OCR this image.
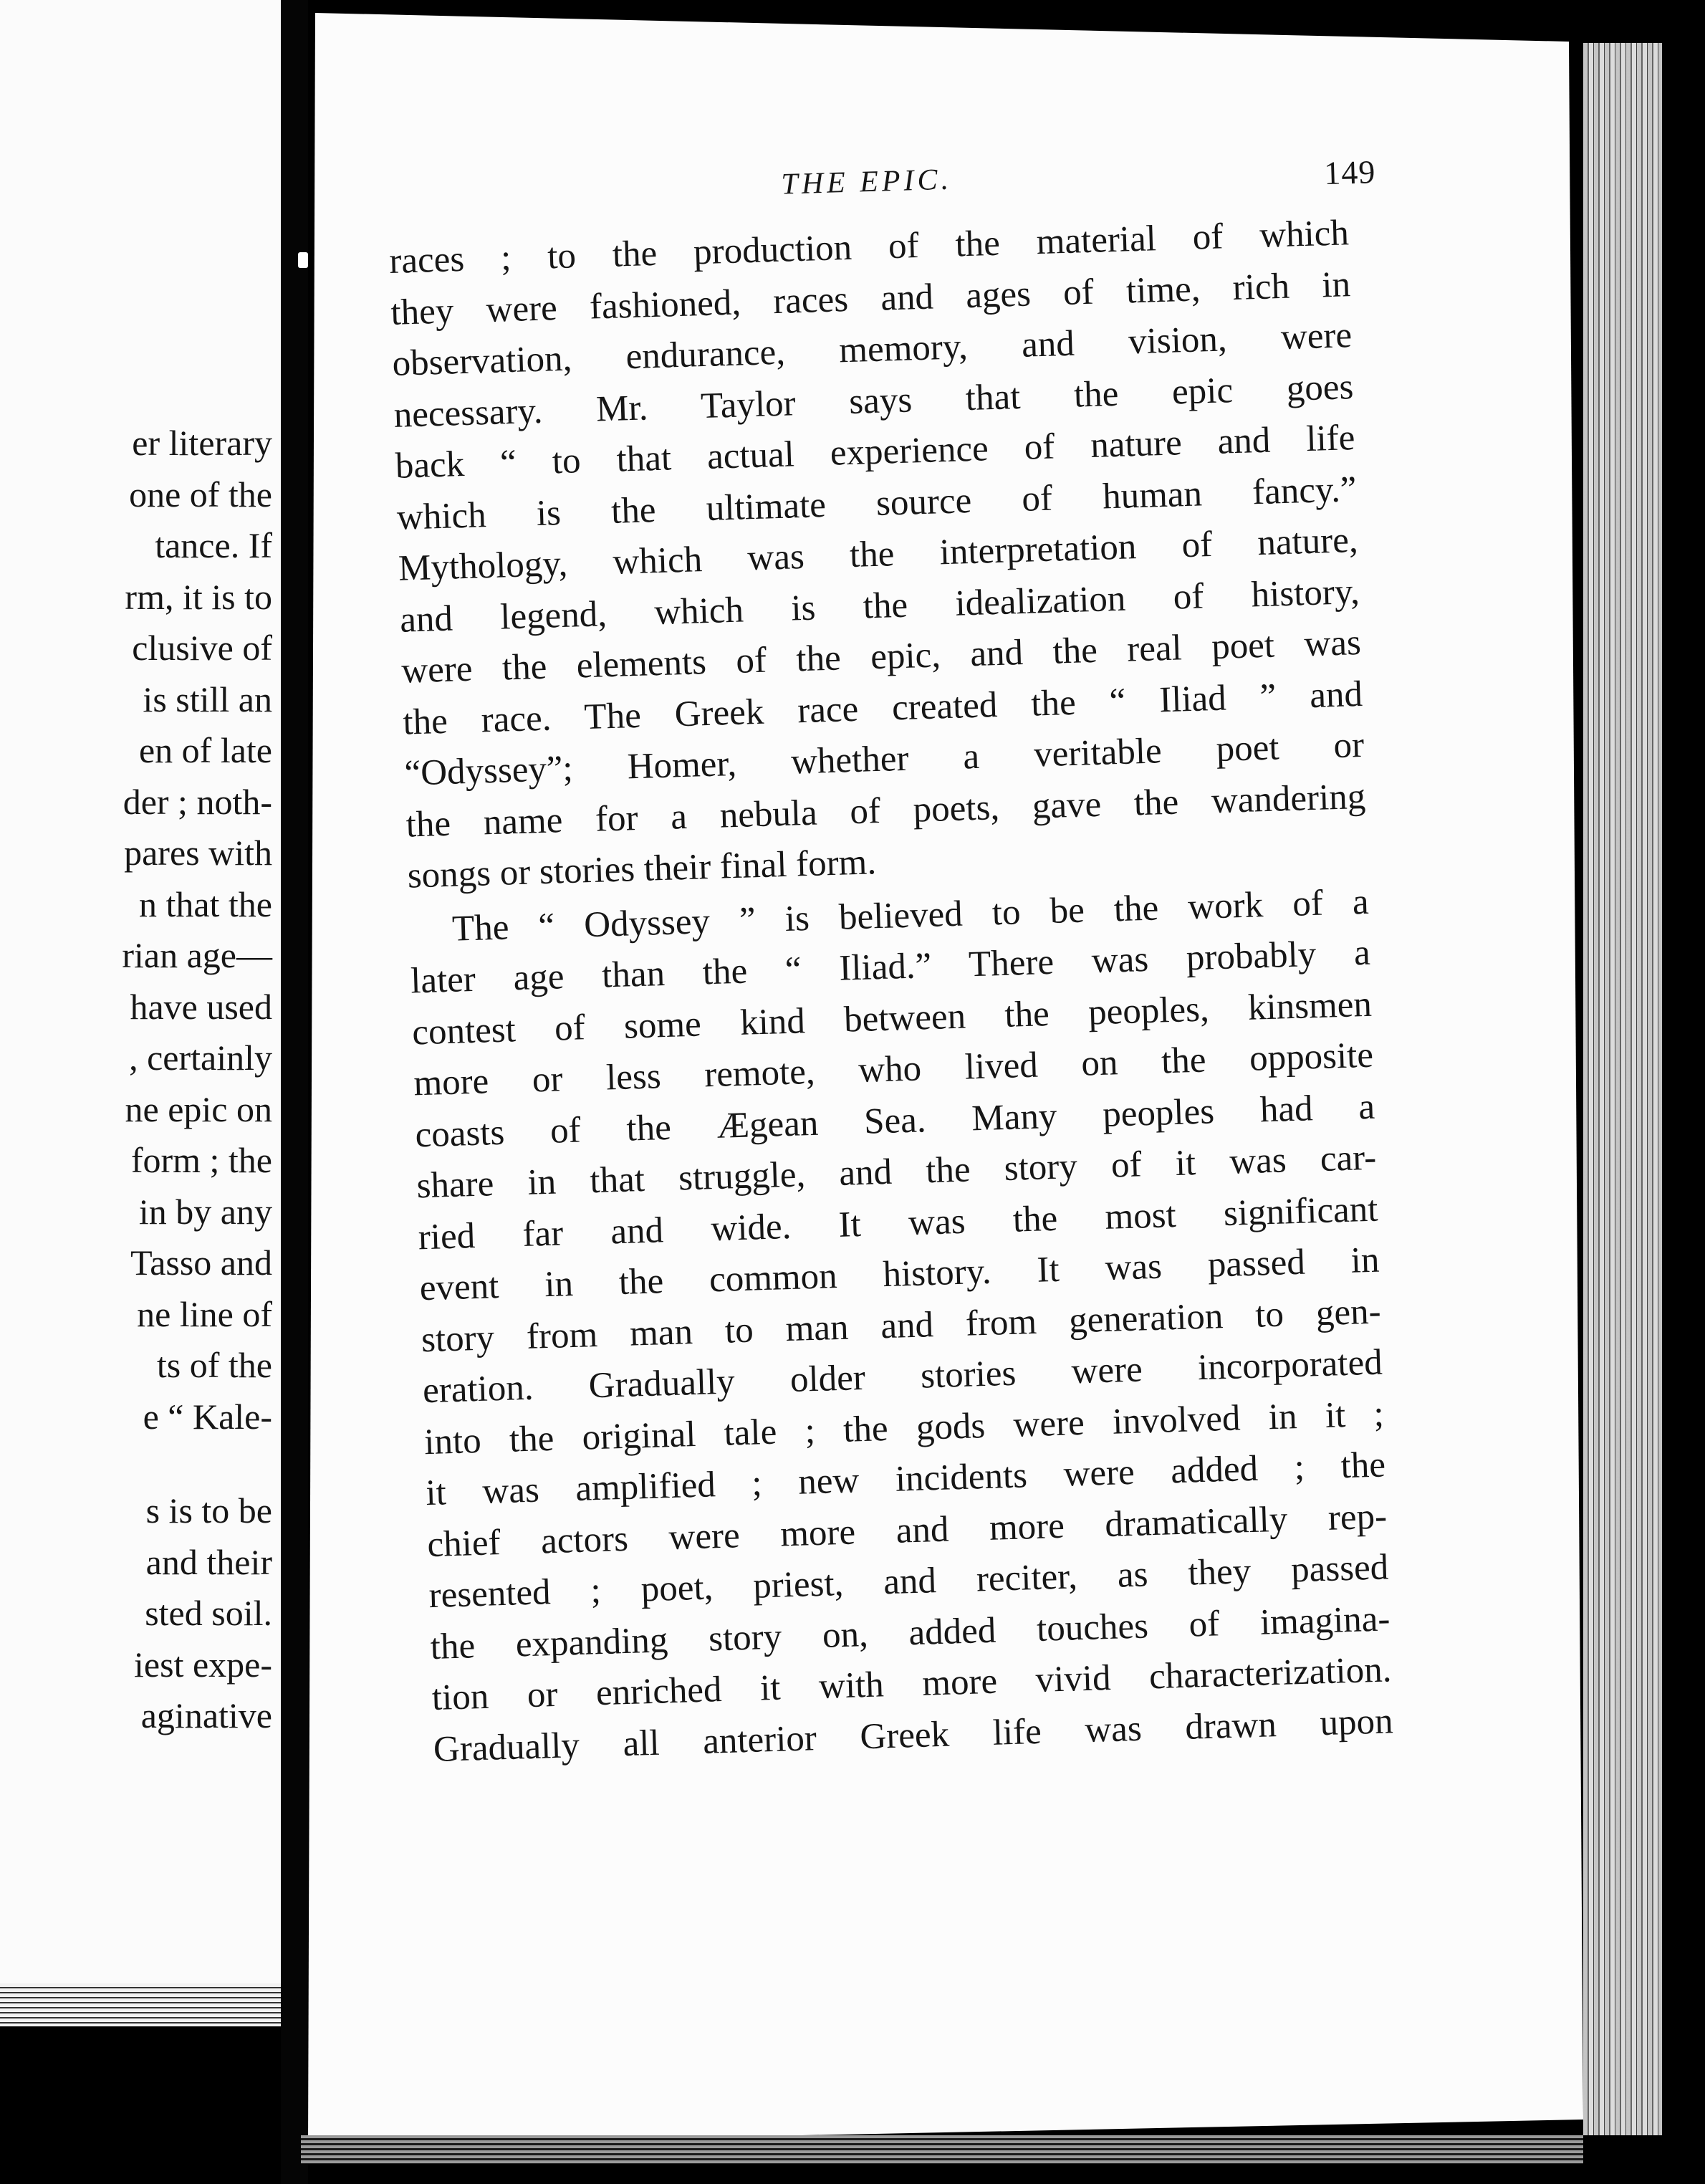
er literary
one of the
tance. If
rm, it is to
clusive of
is still an
en of late
der ; noth-
pares with
n that the
rian age—
have used
, certainly
ne epic on
form ; the
in by any
Tasso and
ne line of
ts of the
e “ Kale-
s is to be
and their
sted soil.
iest expe-
aginative
THE EPIC.	149
races ; to the production of the material of which
they were fashioned, races and ages of time, rich in
observation, endurance, memory, and vision, were
necessary. Mr. Taylor says that the epic goes
back “ to that actual experience of nature and life
which is the ultimate source of human fancy.”
Mythology, which was the interpretation of nature,
and legend, which is the idealization of history,
were the elements of the epic, and the real poet was
the race. The Greek race created the “ Iliad ” and
“Odyssey”; Homer, whether a veritable poet or
the name for a nebula of poets, gave the wandering
songs or stories their final form.
The “ Odyssey ” is believed to be the work of a
later age than the “ Iliad.” There was probably a
contest of some kind between the peoples, kinsmen
more or less remote, who lived on the opposite
coasts of the Ægean Sea. Many peoples had a
share in that struggle, and the story of it was car-
ried far and wide. It was the most significant
event in the common history. It was passed in
story from man to man and from generation to gen-
eration. Gradually older stories were incorporated
into the original tale ; the gods were involved in it ;
it was amplified ; new incidents were added ; the
chief actors were more and more dramatically rep-
resented ; poet, priest, and reciter, as they passed
the expanding story on, added touches of imagina-
tion or enriched it with more vivid characterization.
Gradually all anterior Greek life was drawn upon
